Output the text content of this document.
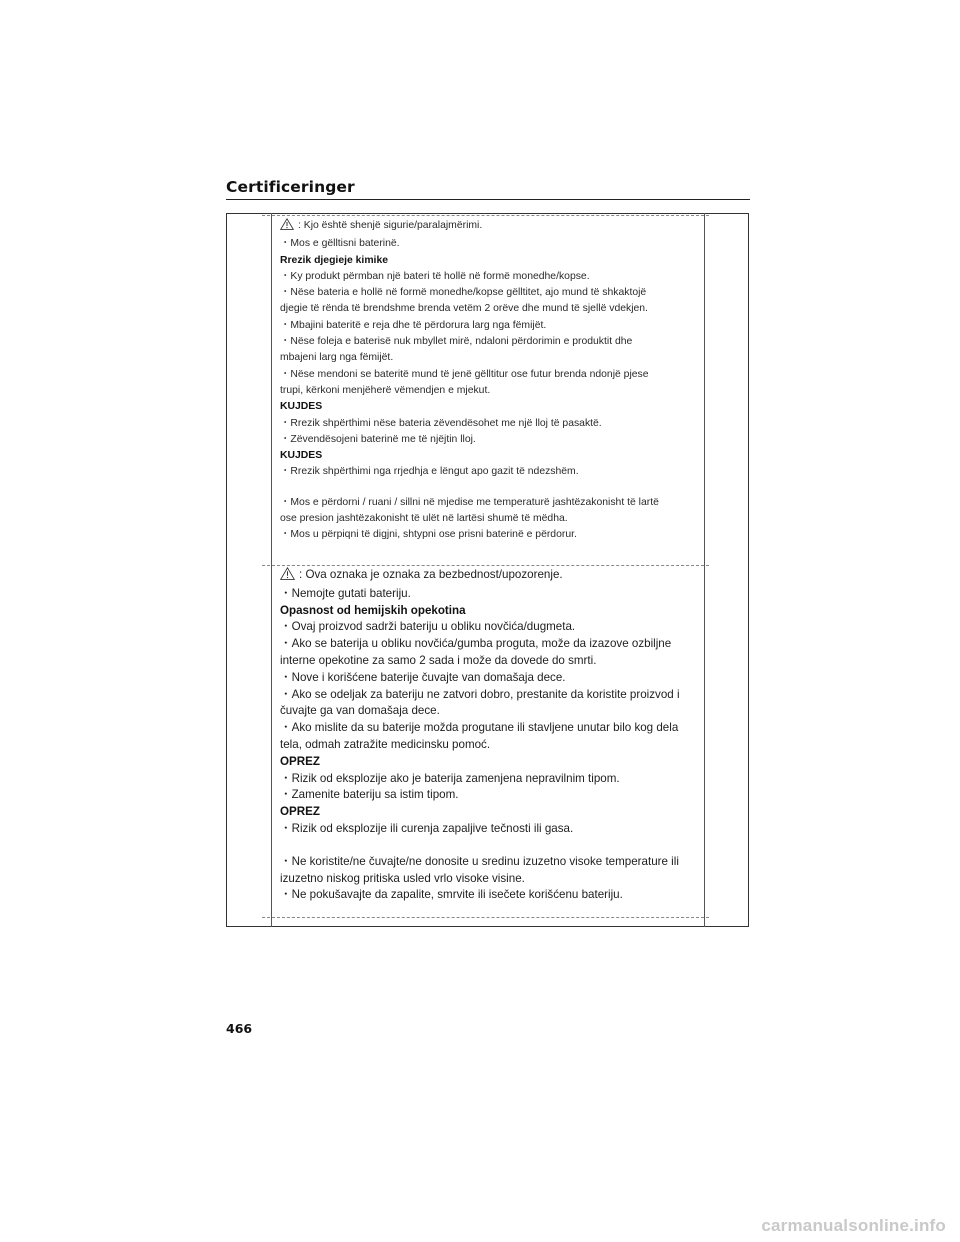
Certificeringer

: Kjo është shenjë sigurie/paralajmërimi.

・Mos e gëlltisni baterinë.

Rrezik djegieje kimike

・Ky produkt përmban një bateri të hollë në formë monedhe/kopse.

・Nëse bateria e hollë në formë monedhe/kopse gëlltitet, ajo mund të shkaktojë

djegie të rënda të brendshme brenda vetëm 2 orëve dhe mund të sjellë vdekjen.

・Mbajini bateritë e reja dhe të përdorura larg nga fëmijët.

・Nëse foleja e baterisë nuk mbyllet mirë, ndaloni përdorimin e produktit dhe

mbajeni larg nga fëmijët.

・Nëse mendoni se bateritë mund të jenë gëlltitur ose futur brenda ndonjë pjese

trupi, kërkoni menjëherë vëmendjen e mjekut.

KUJDES

・Rrezik shpërthimi nëse bateria zëvendësohet me një lloj të pasaktë.

・Zëvendësojeni baterinë me të njëjtin lloj.

KUJDES

・Rrezik shpërthimi nga rrjedhja e lëngut apo gazit të ndezshëm.

・Mos e përdorni / ruani / sillni në mjedise me temperaturë jashtëzakonisht të lartë

ose presion jashtëzakonisht të ulët në lartësi shumë të mëdha.

・Mos u përpiqni të digjni, shtypni ose prisni baterinë e përdorur.

: Ova oznaka je oznaka za bezbednost/upozorenje.

・Nemojte gutati bateriju.

Opasnost od hemijskih opekotina

・Ovaj proizvod sadrži bateriju u obliku novčića/dugmeta.

・Ako se baterija u obliku novčića/gumba proguta, može da izazove ozbiljne

interne opekotine za samo 2 sada i može da dovede do smrti.

・Nove i korišćene baterije čuvajte van domašaja dece.

・Ako se odeljak za bateriju ne zatvori dobro, prestanite da koristite proizvod i

čuvajte ga van domašaja dece.

・Ako mislite da su baterije možda progutane ili stavljene unutar bilo kog dela

tela, odmah zatražite medicinsku pomoć.

OPREZ

・Rizik od eksplozije ako je baterija zamenjena nepravilnim tipom.

・Zamenite bateriju sa istim tipom.

OPREZ

・Rizik od eksplozije ili curenja zapaljive tečnosti ili gasa.

・Ne koristite/ne čuvajte/ne donosite u sredinu izuzetno visoke temperature ili

izuzetno niskog pritiska usled vrlo visoke visine.

・Ne pokušavajte da zapalite, smrvite ili isečete korišćenu bateriju.

466
carmanualsonline.info
